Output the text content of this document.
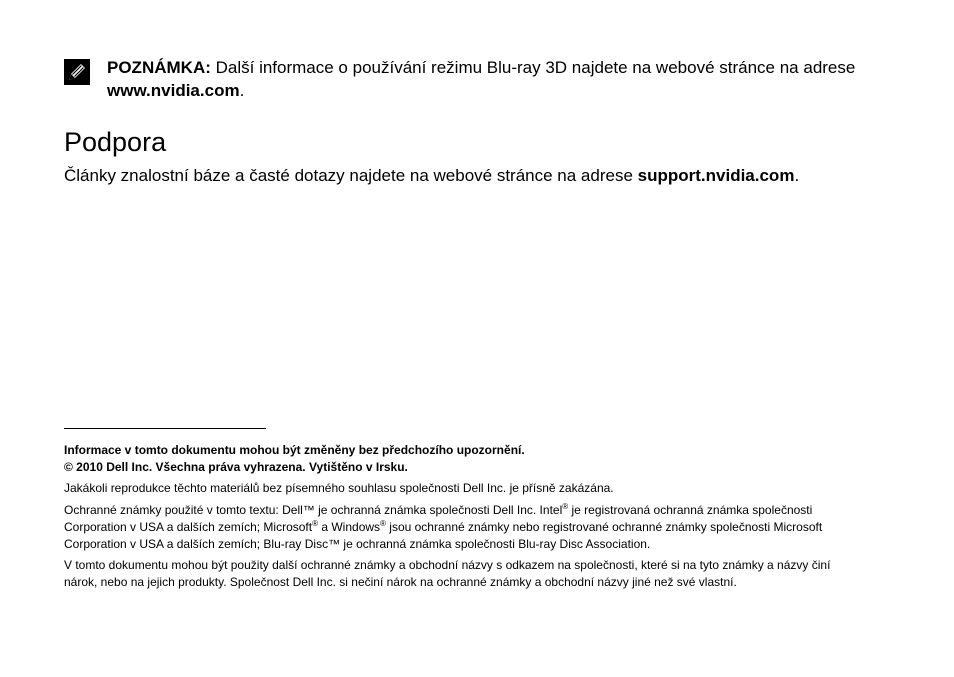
POZNÁMKA: Další informace o používání režimu Blu-ray 3D najdete na webové stránce na adrese www.nvidia.com.
Podpora

Články znalostní báze a časté dotazy najdete na webové stránce na adrese support.nvidia.com.

Informace v tomto dokumentu mohou být změněny bez předchozího upozornění.
© 2010 Dell Inc. Všechna práva vyhrazena. Vytištěno v Irsku.

Jakákoli reprodukce těchto materiálů bez písemného souhlasu společnosti Dell Inc. je přísně zakázána.

Ochranné známky použité v tomto textu: Dell™ je ochranná známka společnosti Dell Inc. Intel® je registrovaná ochranná známka společnosti Corporation v USA a dalších zemích; Microsoft® a Windows® jsou ochranné známky nebo registrované ochranné známky společnosti Microsoft Corporation v USA a dalších zemích; Blu-ray Disc™ je ochranná známka společnosti Blu-ray Disc Association.

V tomto dokumentu mohou být použity další ochranné známky a obchodní názvy s odkazem na společnosti, které si na tyto známky a názvy činí nárok, nebo na jejich produkty. Společnost Dell Inc. si nečiní nárok na ochranné známky a obchodní názvy jiné než své vlastní.
